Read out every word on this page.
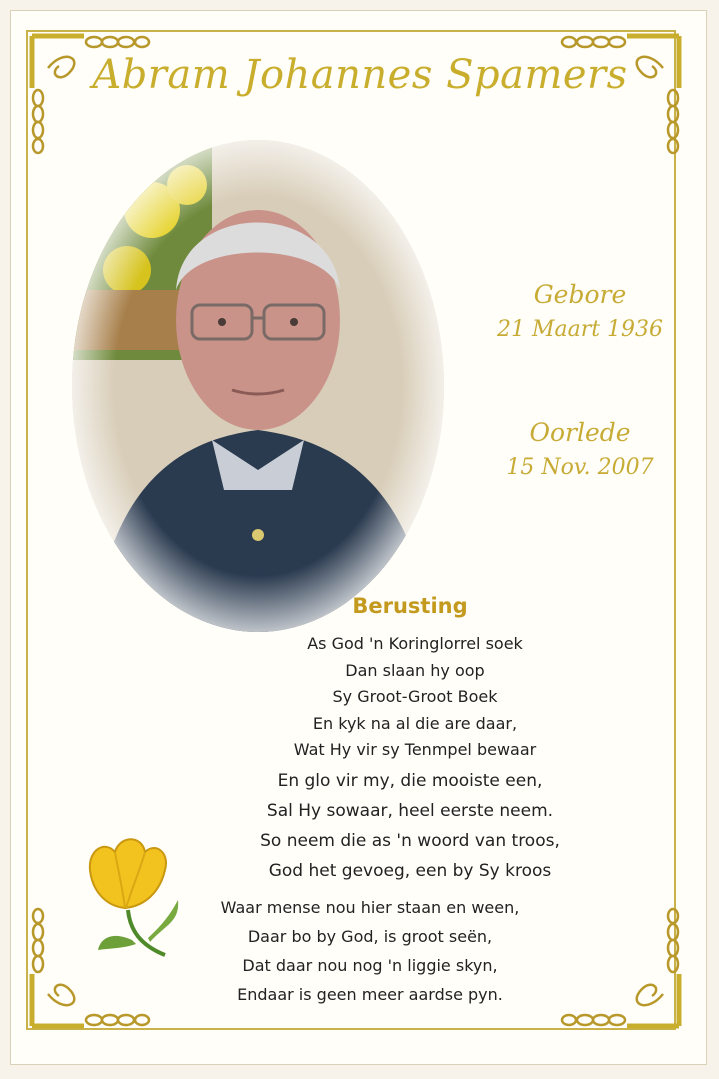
Abram Johannes Spamers
Gebore
21 Maart 1936
Oorlede
15 Nov. 2007
Berusting
As God 'n Koringlorrel soek
Dan slaan hy oop
Sy Groot-Groot Boek
En kyk na al die are daar,
Wat Hy vir sy Tenmpel bewaar
En glo vir my, die mooiste een,
Sal Hy sowaar, heel eerste neem.
So neem die as 'n woord van troos,
God het gevoeg, een by Sy kroos
Waar mense nou hier staan en ween,
Daar bo by God, is groot seën,
Dat daar nou nog 'n liggie skyn,
Endaar is geen meer aardse pyn.
